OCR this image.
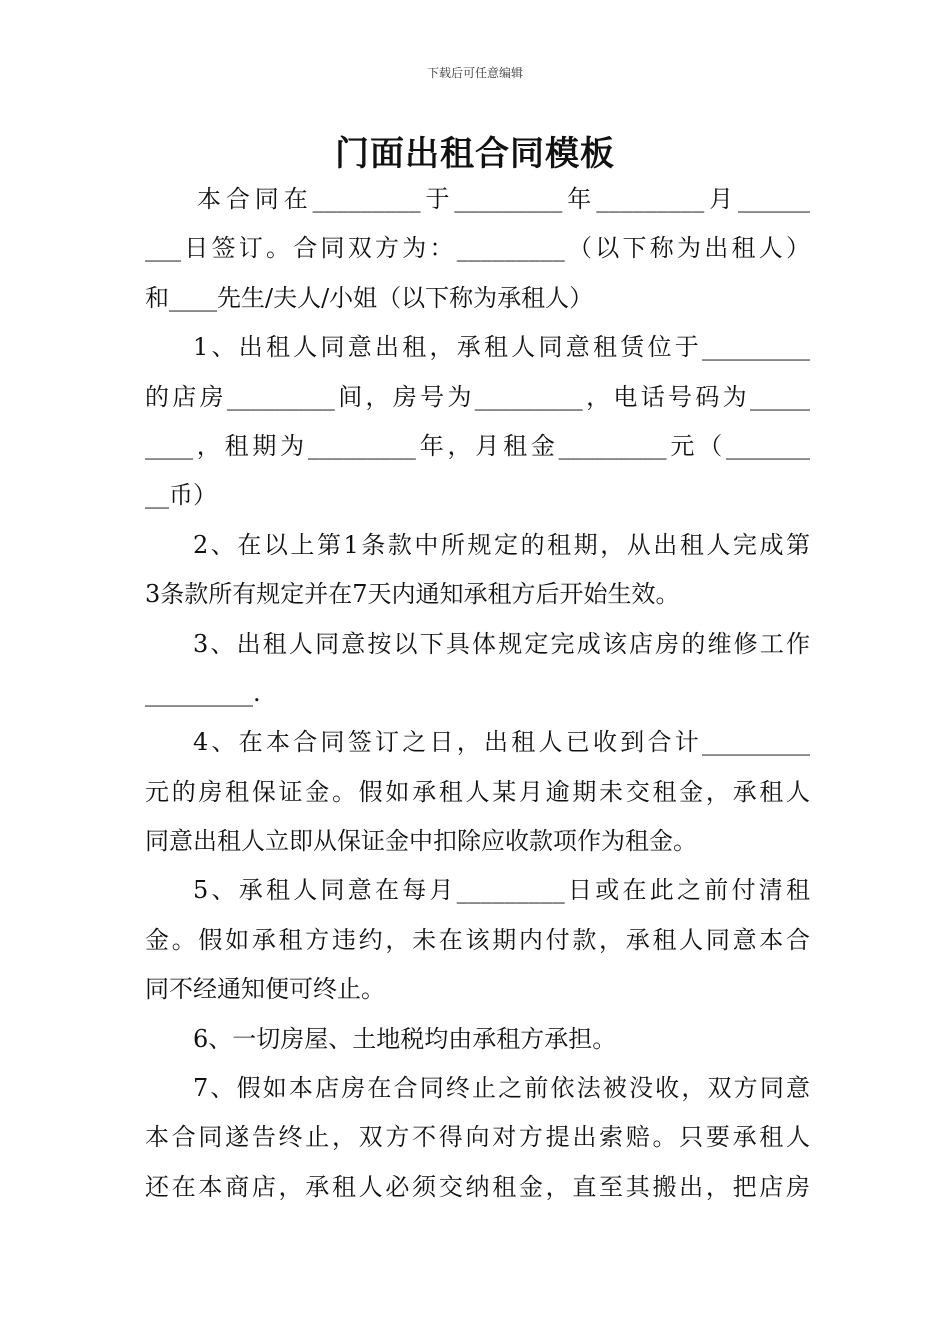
下载后可任意编辑
门面出租合同模板
本合同在_________于_________年_________月______
___日签订。合同双方为：_________（以下称为出租人）
和____先生/夫人/小姐（以下称为承租人）
1、出租人同意出租，承租人同意租赁位于_________
的店房_________间，房号为_________，电话号码为_____
____，租期为_________年，月租金_________元（_______
__币）
2、在以上第1条款中所规定的租期，从出租人完成第
3条款所有规定并在7天内通知承租方后开始生效。
3、出租人同意按以下具体规定完成该店房的维修工作
_________.
4、在本合同签订之日，出租人已收到合计_________
元的房租保证金。假如承租人某月逾期未交租金，承租人
同意出租人立即从保证金中扣除应收款项作为租金。
5、承租人同意在每月_________日或在此之前付清租
金。假如承租方违约，未在该期内付款，承租人同意本合
同不经通知便可终止。
6、一切房屋、土地税均由承租方承担。
7、假如本店房在合同终止之前依法被没收，双方同意
本合同遂告终止，双方不得向对方提出索赔。只要承租人
还在本商店，承租人必须交纳租金，直至其搬出，把店房
